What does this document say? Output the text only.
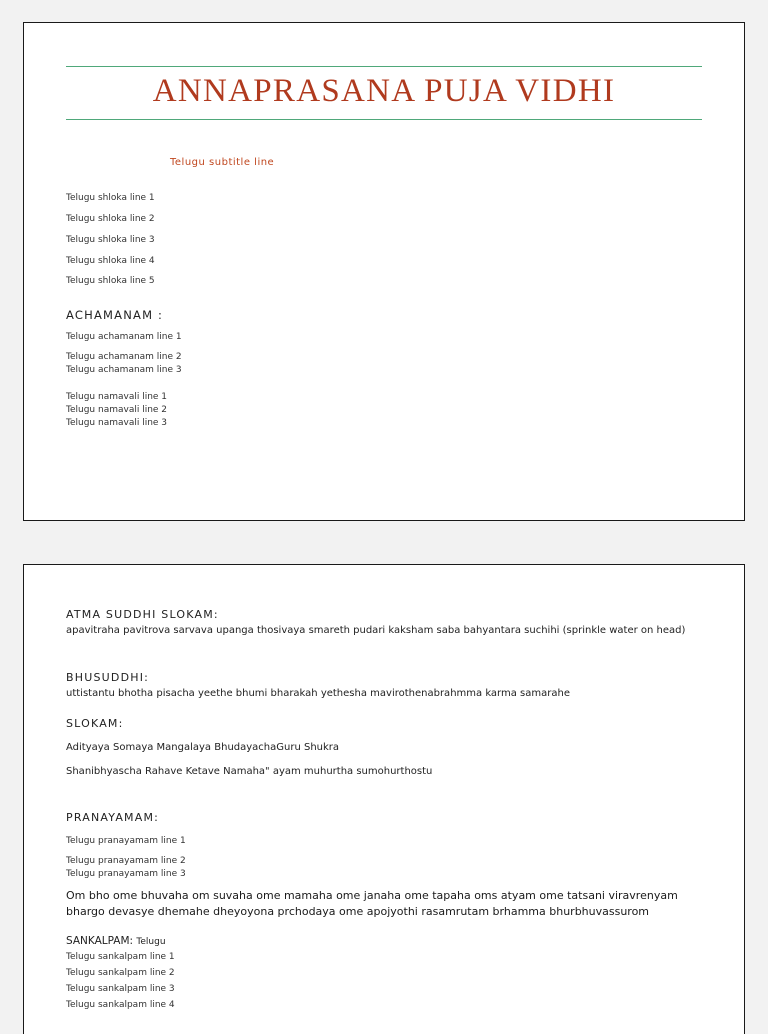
ANNAPRASANA PUJA VIDHI
Telugu subtitle line
Telugu shloka line 1
Telugu shloka line 2
Telugu shloka line 3
Telugu shloka line 4
Telugu shloka line 5
ACHAMANAM :
Telugu achamanam line 1
Telugu achamanam line 2
Telugu achamanam line 3
Telugu namavali line 1
Telugu namavali line 2
Telugu namavali line 3
ATMA SUDDHI SLOKAM:
apavitraha pavitrova sarvava upanga thosivaya smareth pudari kaksham saba bahyantara suchihi (sprinkle water on head)
BHUSUDDHI:
uttistantu bhotha pisacha yeethe bhumi bharakah yethesha mavirothenabrahmma karma samarahe
SLOKAM:
Adityaya Somaya Mangalaya BhudayachaGuru Shukra
Shanibhyascha Rahave Ketave Namaha" ayam muhurtha sumohurthostu
PRANAYAMAM:
Telugu pranayamam line 1
Telugu pranayamam line 2
Telugu pranayamam line 3
Om bho ome bhuvaha om suvaha ome mamaha ome janaha ome tapaha oms atyam ome tatsani viravrenyam bhargo devasye dhemahe dheyoyona prchodaya ome apojyothi rasamrutam brhamma bhurbhuvassurom
SANKALPAM: Telugu
Telugu sankalpam line 1
Telugu sankalpam line 2
Telugu sankalpam line 3
Telugu sankalpam line 4
